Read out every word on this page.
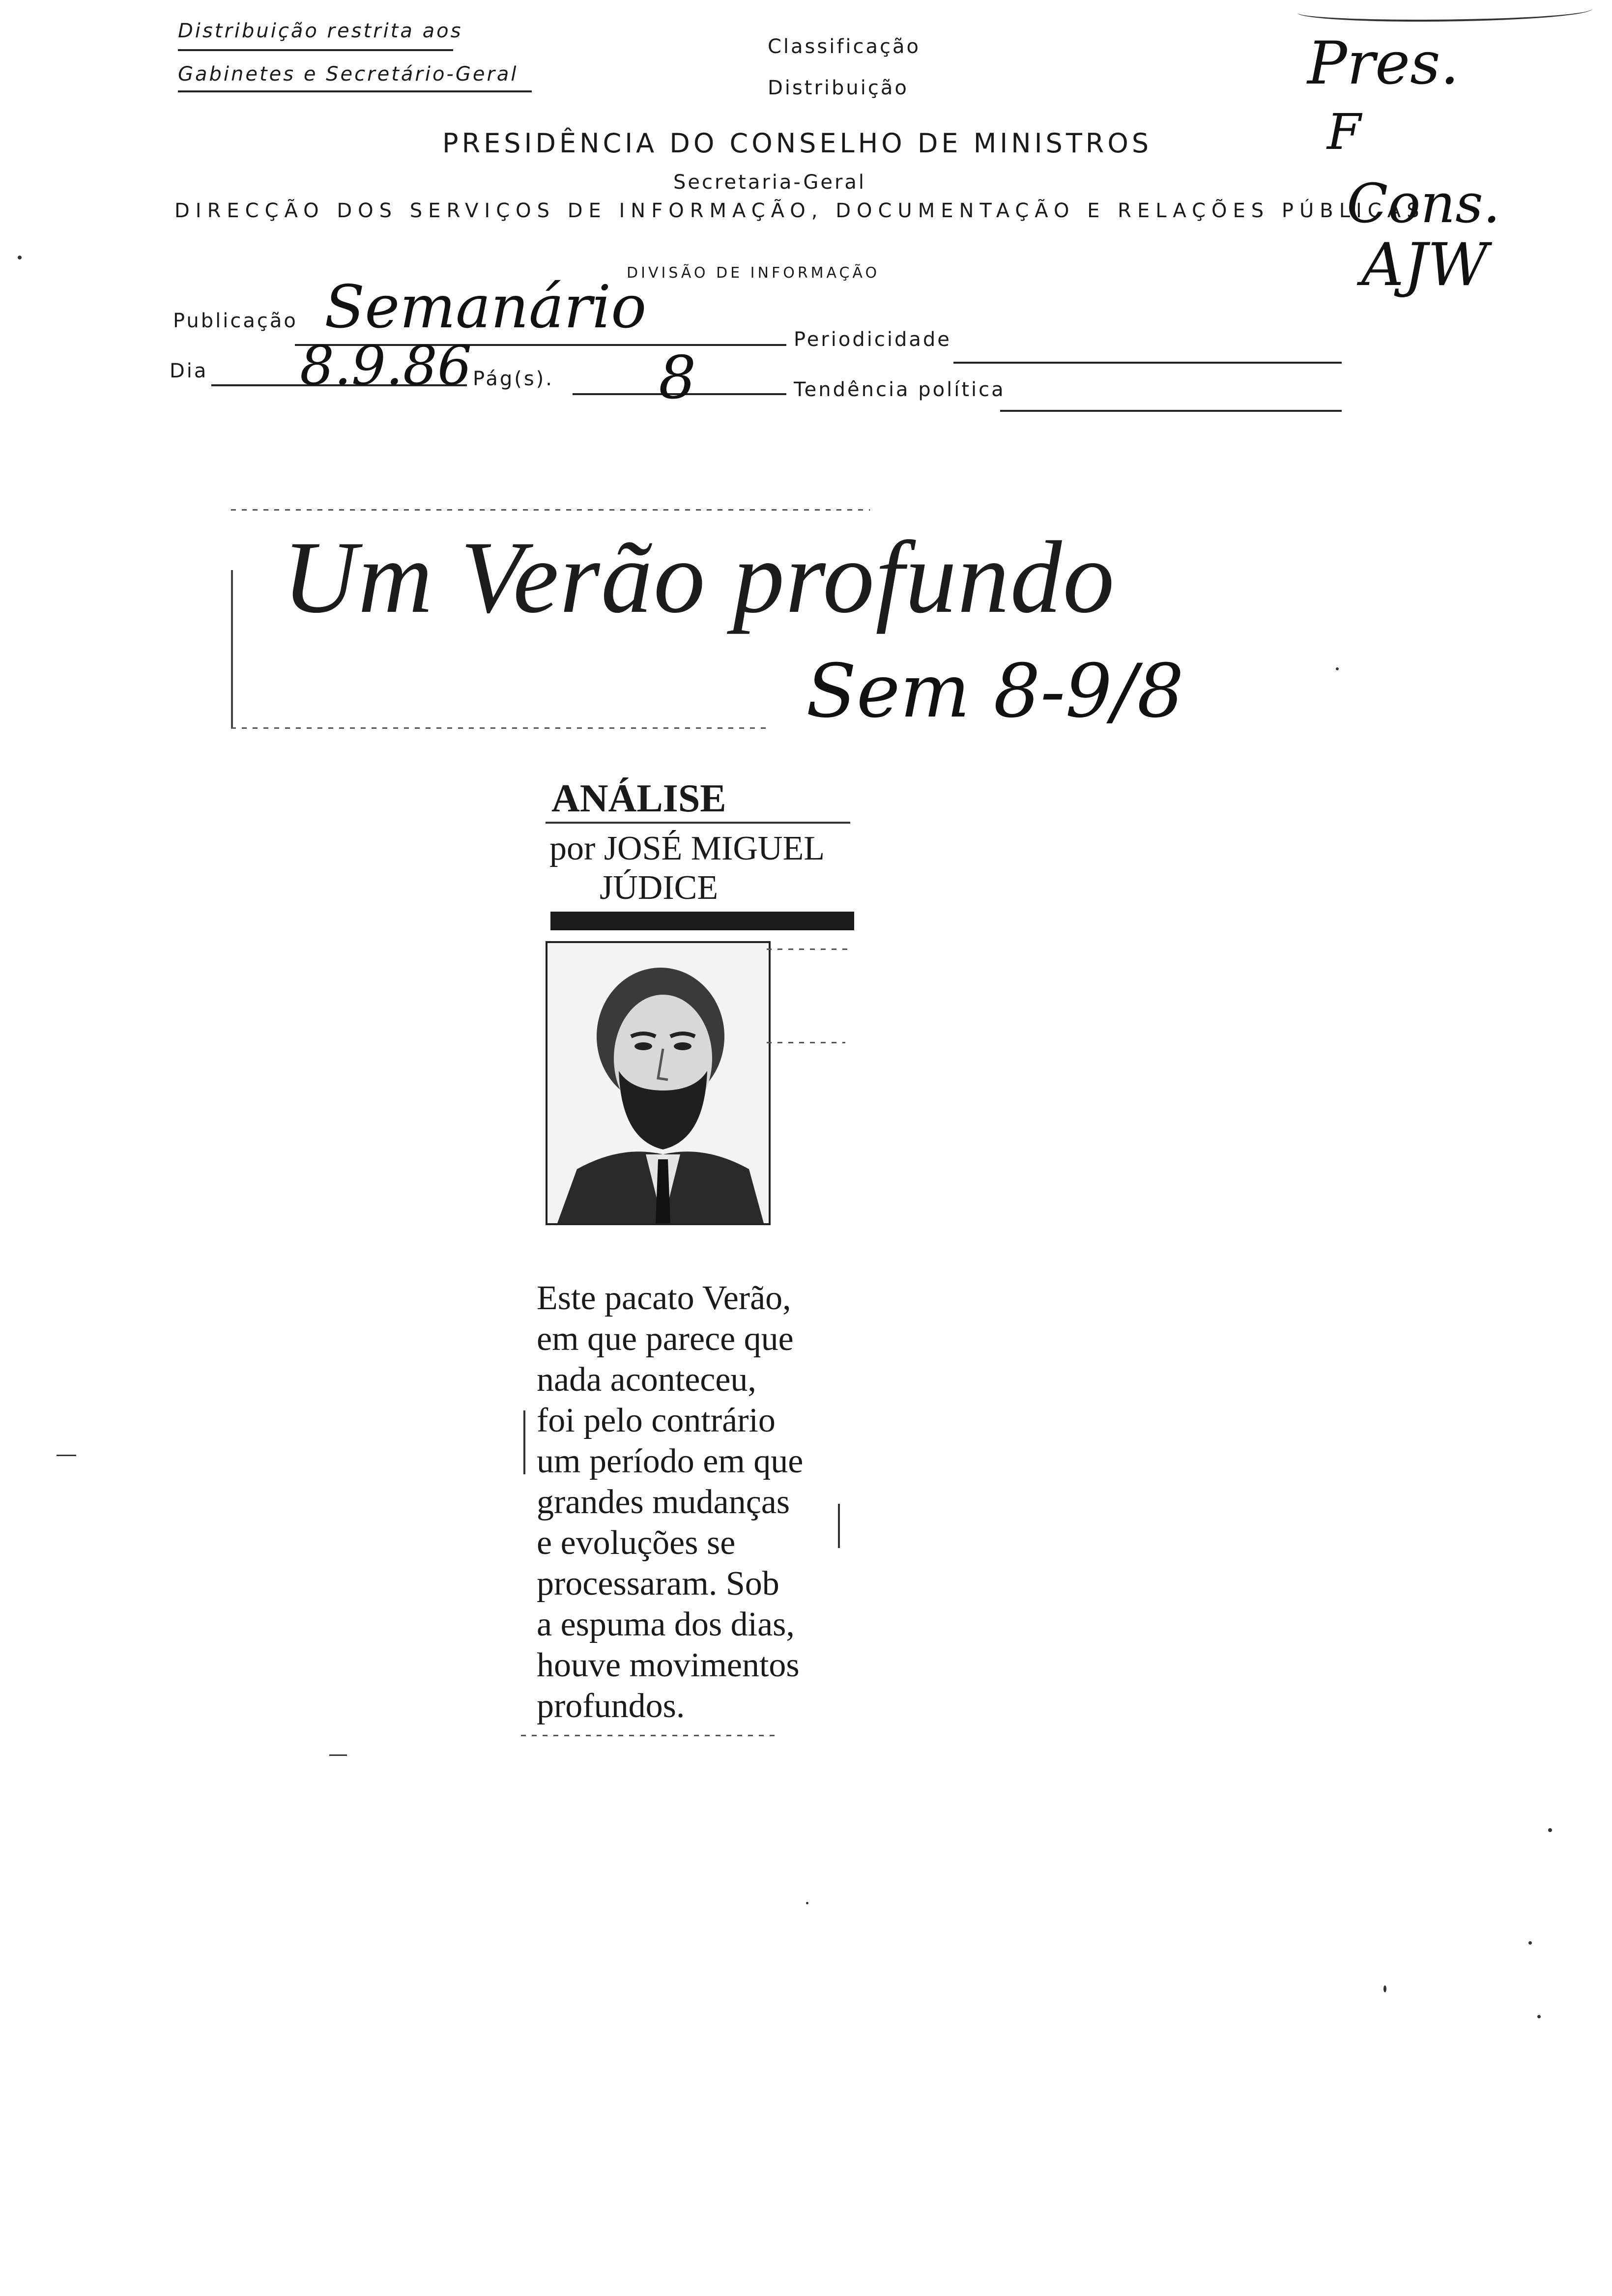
Distribuição restrita aos
Gabinetes e Secretário-Geral
Classificação
Distribuição
PRESIDÊNCIA DO CONSELHO DE MINISTROS
Secretaria-Geral
DIRECÇÃO DOS SERVIÇOS DE INFORMAÇÃO, DOCUMENTAÇÃO E RELAÇÕES PÚBLICAS
DIVISÃO DE INFORMAÇÃO
Publicação Semanário	Periodicidade
Dia 8.9.86 Pág(s). 8	Tendência política
Pres.
F
Cons.
AJW
Um Verão profundo
Sem 8-9/8
ANÁLISE
por JOSÉ MIGUEL
JÚDICE
Este pacato Verão,
em que parece que
nada aconteceu,
foi pelo contrário
um período em que
grandes mudanças
e evoluções se
processaram. Sob
a espuma dos dias,
houve movimentos
profundos.
